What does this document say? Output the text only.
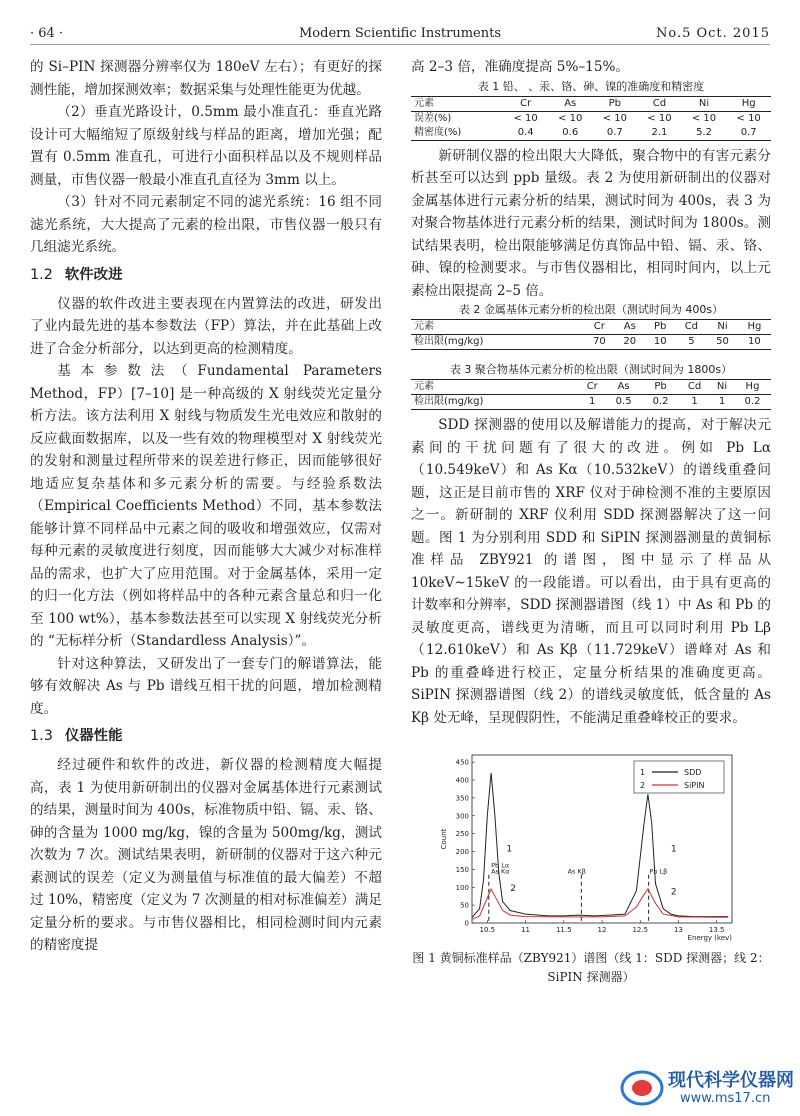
· 64 ·	Modern Scientific Instruments	No.5 Oct. 2015

的 Si–PIN 探测器分辨率仅为 180eV 左右）；有更好的探测性能，增加探测效率；数据采集与处理性能更为优越。

（2）垂直光路设计，0.5mm 最小准直孔：垂直光路设计可大幅缩短了原级射线与样品的距离，增加光强；配置有 0.5mm 准直孔，可进行小面积样品以及不规则样品测量，市售仪器一般最小准直孔直径为 3mm 以上。

（3）针对不同元素制定不同的滤光系统：16 组不同滤光系统，大大提高了元素的检出限，市售仪器一般只有几组滤光系统。

1.2 软件改进

仪器的软件改进主要表现在内置算法的改进，研发出了业内最先进的基本参数法（FP）算法，并在此基础上改进了合金分析部分，以达到更高的检测精度。

基本参数法（Fundamental Parameters Method，FP）[7–10] 是一种高级的 X 射线荧光定量分析方法。该方法利用 X 射线与物质发生光电效应和散射的反应截面数据库，以及一些有效的物理模型对 X 射线荧光的发射和测量过程所带来的误差进行修正，因而能够很好地适应复杂基体和多元素分析的需要。与经验系数法（Empirical Coefficients Method）不同，基本参数法能够计算不同样品中元素之间的吸收和增强效应，仅需对每种元素的灵敏度进行刻度，因而能够大大减少对标准样品的需求，也扩大了应用范围。对于金属基体，采用一定的归一化方法（例如将样品中的各种元素含量总和归一化至 100 wt%），基本参数法甚至可以实现 X 射线荧光分析的 “无标样分析（Standardless Analysis）”。

针对这种算法，又研发出了一套专门的解谱算法，能够有效解决 As 与 Pb 谱线互相干扰的问题，增加检测精度。

1.3 仪器性能

经过硬件和软件的改进，新仪器的检测精度大幅提高，表 1 为使用新研制出的仪器对金属基体进行元素测试的结果，测量时间为 400s，标准物质中铅、镉、汞、铬、砷的含量为 1000 mg/kg，镍的含量为 500mg/kg，测试次数为 7 次。测试结果表明，新研制的仪器对于这六种元素测试的误差（定义为测量值与标准值的最大偏差）不超过 10%，精密度（定义为 7 次测量的相对标准偏差）满足定量分析的要求。与市售仪器相比，相同检测时间内元素的精密度提

高 2–3 倍，准确度提高 5%–15%。

表 1 铅、 、汞、铬、砷、镍的准确度和精密度

元素	Cr	As	Pb	Cd	Ni	Hg
误差(%)	< 10	< 10	< 10	< 10	< 10	< 10
精密度(%)	0.4	0.6	0.7	2.1	5.2	0.7

新研制仪器的检出限大大降低，聚合物中的有害元素分析甚至可以达到 ppb 量级。表 2 为使用新研制出的仪器对金属基体进行元素分析的结果，测试时间为 400s，表 3 为对聚合物基体进行元素分析的结果，测试时间为 1800s。测试结果表明，检出限能够满足仿真饰品中铅、镉、汞、铬、砷、镍的检测要求。与市售仪器相比，相同时间内，以上元素检出限提高 2–5 倍。

表 2 金属基体元素分析的检出限（测试时间为 400s）

元素	Cr	As	Pb	Cd	Ni	Hg
检出限(mg/kg)	70	20	10	5	50	10

表 3 聚合物基体元素分析的检出限（测试时间为 1800s）

元素	Cr	As	Pb	Cd	Ni	Hg
检出限(mg/kg)	1	0.5	0.2	1	1	0.2

SDD 探测器的使用以及解谱能力的提高，对于解决元素间的干扰问题有了很大的改进。例如 Pb Lα（10.549keV）和 As Kα（10.532keV）的谱线重叠问题，这正是目前市售的 XRF 仪对于砷检测不准的主要原因之一。新研制的 XRF 仪利用 SDD 探测器解决了这一问题。图 1 为分别利用 SDD 和 SiPIN 探测器测量的黄铜标准样品 ZBY921 的谱图，图中显示了样品从 10keV~15keV 的一段能谱。可以看出，由于具有更高的计数率和分辨率，SDD 探测器谱图（线 1）中 As 和 Pb 的灵敏度更高，谱线更为清晰，而且可以同时利用 Pb Lβ（12.610keV）和 As Kβ（11.729keV）谱峰对 As 和 Pb 的重叠峰进行校正，定量分析结果的准确度更高。SiPIN 探测器谱图（线 2）的谱线灵敏度低，低含量的 As Kβ 处无峰，呈现假阴性，不能满足重叠峰校正的要求。

0
50
100
150
200
250
300
350
400
450
10.5	11	11.5	12	12.5	13	13.5
Energy (kev)
Count
1
2
Pb Lα
As Kα	As Kβ	Pb Lβ
1
2
1	SDD
2	SiPIN

图 1 黄铜标准样品（ZBY921）谱图（线 1：SDD 探测器；线 2：SiPIN 探测器）

现代科学仪器网
www.ms17.cn
